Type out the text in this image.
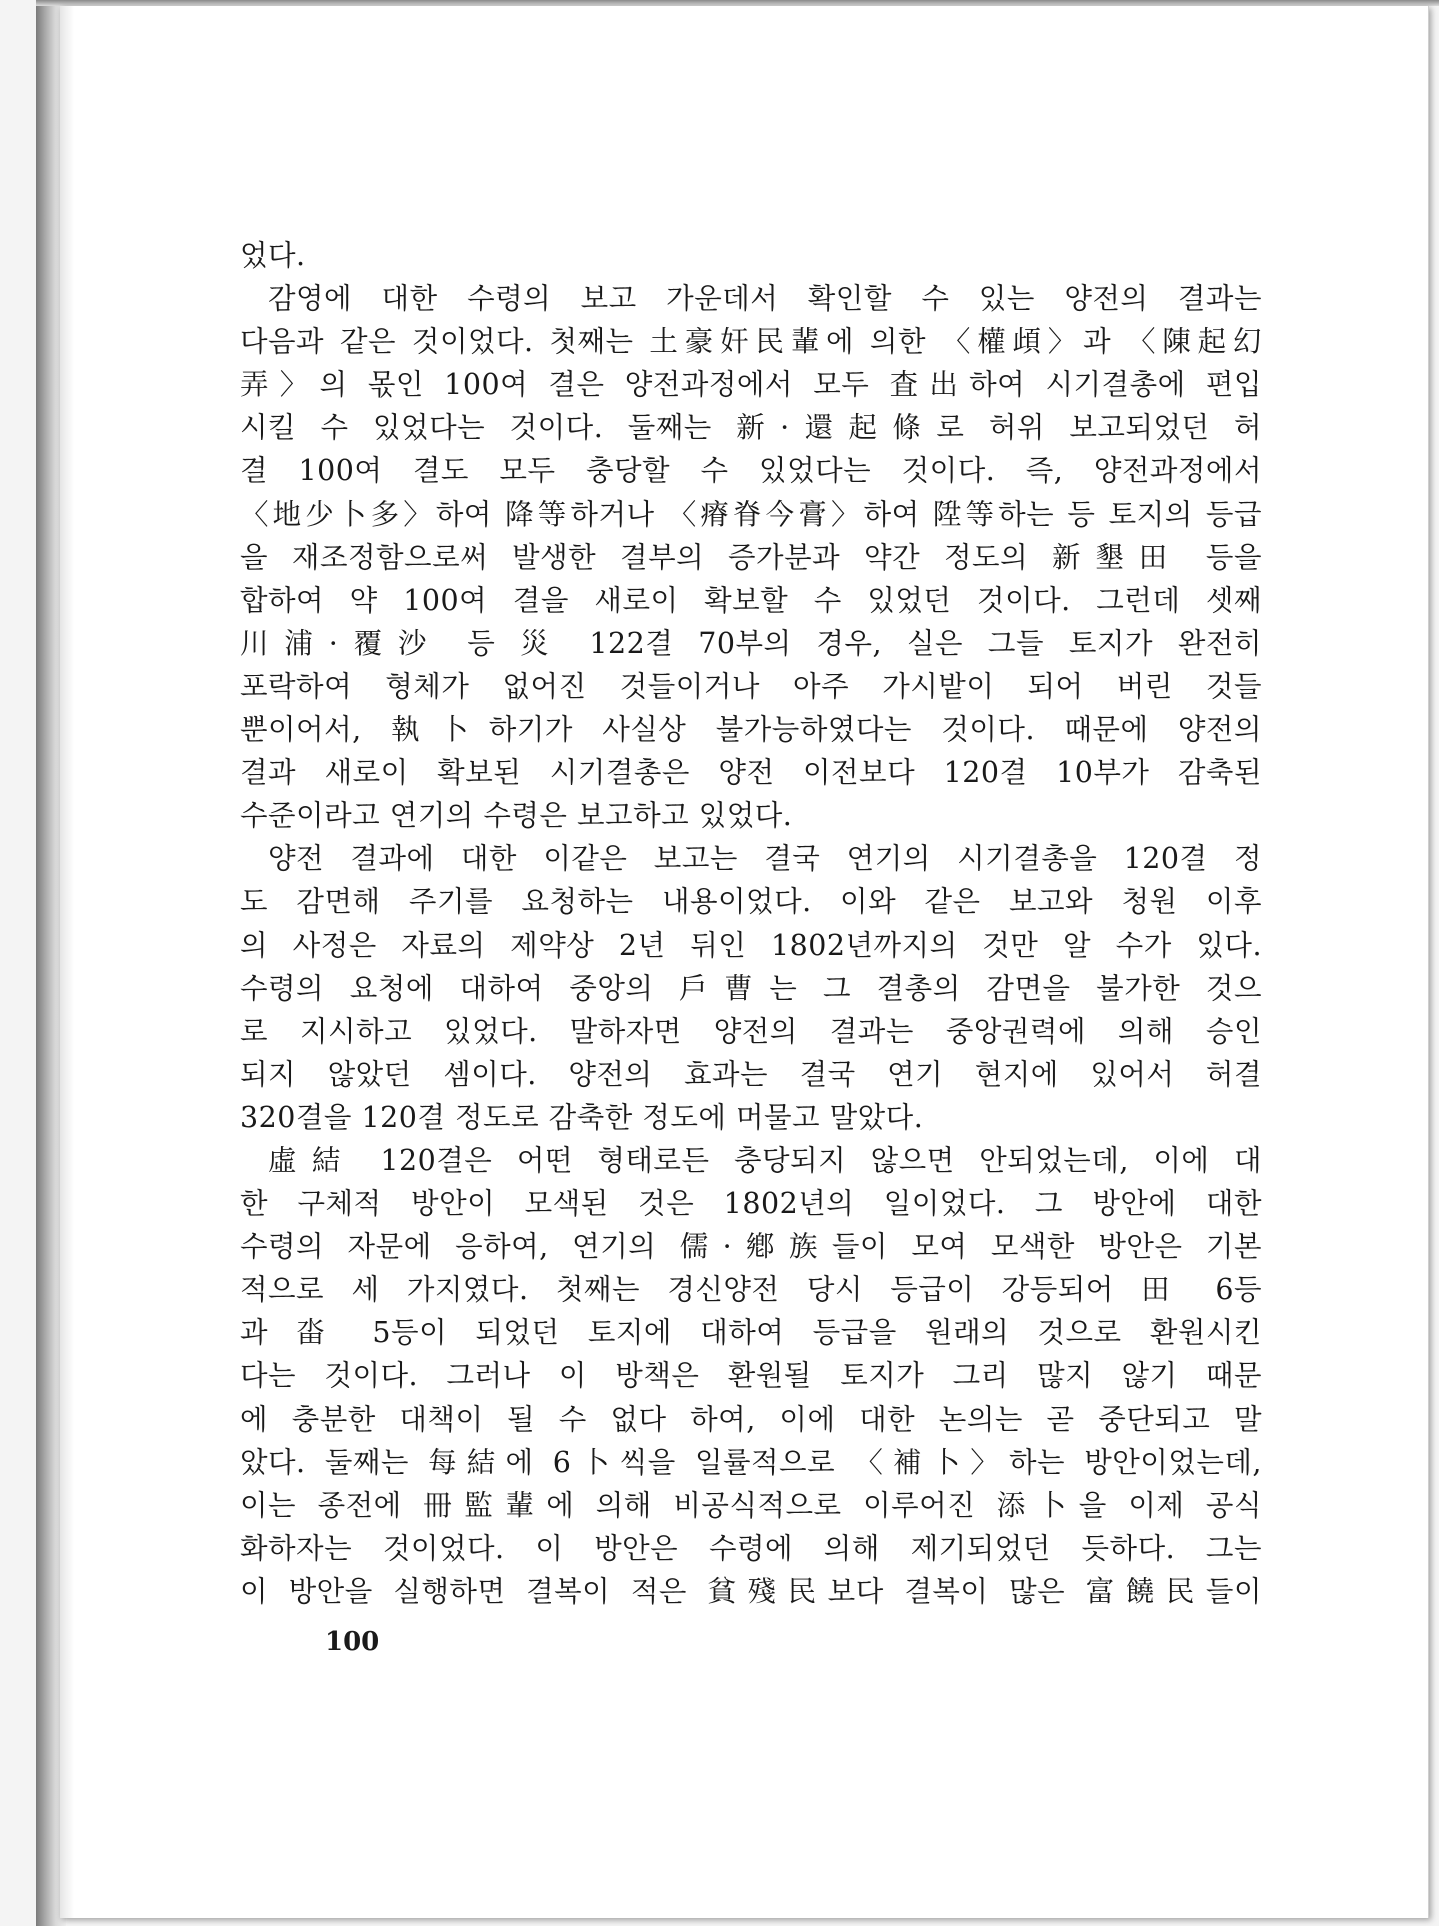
었다.
감영에 대한 수령의 보고 가운데서 확인할 수 있는 양전의 결과는
다음과 같은 것이었다. 첫째는 土豪奸民輩에 의한 〈權頉〉과 〈陳起幻
弄〉의 몫인 100여 결은 양전과정에서 모두 査出하여 시기결총에 편입
시킬 수 있었다는 것이다. 둘째는 新·還起條로 허위 보고되었던 허
결 100여 결도 모두 충당할 수 있었다는 것이다. 즉, 양전과정에서
〈地少卜多〉하여 降等하거나 〈瘠脊今膏〉하여 陞等하는 등 토지의 등급
을 재조정함으로써 발생한 결부의 증가분과 약간 정도의 新墾田 등을
합하여 약 100여 결을 새로이 확보할 수 있었던 것이다. 그런데 셋째
川浦·覆沙 등 災 122결 70부의 경우, 실은 그들 토지가 완전히
포락하여 형체가 없어진 것들이거나 아주 가시밭이 되어 버린 것들
뿐이어서, 執卜하기가 사실상 불가능하였다는 것이다. 때문에 양전의
결과 새로이 확보된 시기결총은 양전 이전보다 120결 10부가 감축된
수준이라고 연기의 수령은 보고하고 있었다.
양전 결과에 대한 이같은 보고는 결국 연기의 시기결총을 120결 정
도 감면해 주기를 요청하는 내용이었다. 이와 같은 보고와 청원 이후
의 사정은 자료의 제약상 2년 뒤인 1802년까지의 것만 알 수가 있다.
수령의 요청에 대하여 중앙의 戶曹는 그 결총의 감면을 불가한 것으
로 지시하고 있었다. 말하자면 양전의 결과는 중앙권력에 의해 승인
되지 않았던 셈이다. 양전의 효과는 결국 연기 현지에 있어서 허결
320결을 120결 정도로 감축한 정도에 머물고 말았다.
虛結 120결은 어떤 형태로든 충당되지 않으면 안되었는데, 이에 대
한 구체적 방안이 모색된 것은 1802년의 일이었다. 그 방안에 대한
수령의 자문에 응하여, 연기의 儒·鄕族들이 모여 모색한 방안은 기본
적으로 세 가지였다. 첫째는 경신양전 당시 등급이 강등되어 田 6등
과 畓 5등이 되었던 토지에 대하여 등급을 원래의 것으로 환원시킨
다는 것이다. 그러나 이 방책은 환원될 토지가 그리 많지 않기 때문
에 충분한 대책이 될 수 없다 하여, 이에 대한 논의는 곧 중단되고 말
았다. 둘째는 每結에 6卜씩을 일률적으로 〈補卜〉하는 방안이었는데,
이는 종전에 冊監輩에 의해 비공식적으로 이루어진 添卜을 이제 공식
화하자는 것이었다. 이 방안은 수령에 의해 제기되었던 듯하다. 그는
이 방안을 실행하면 결복이 적은 貧殘民보다 결복이 많은 富饒民들이
100
